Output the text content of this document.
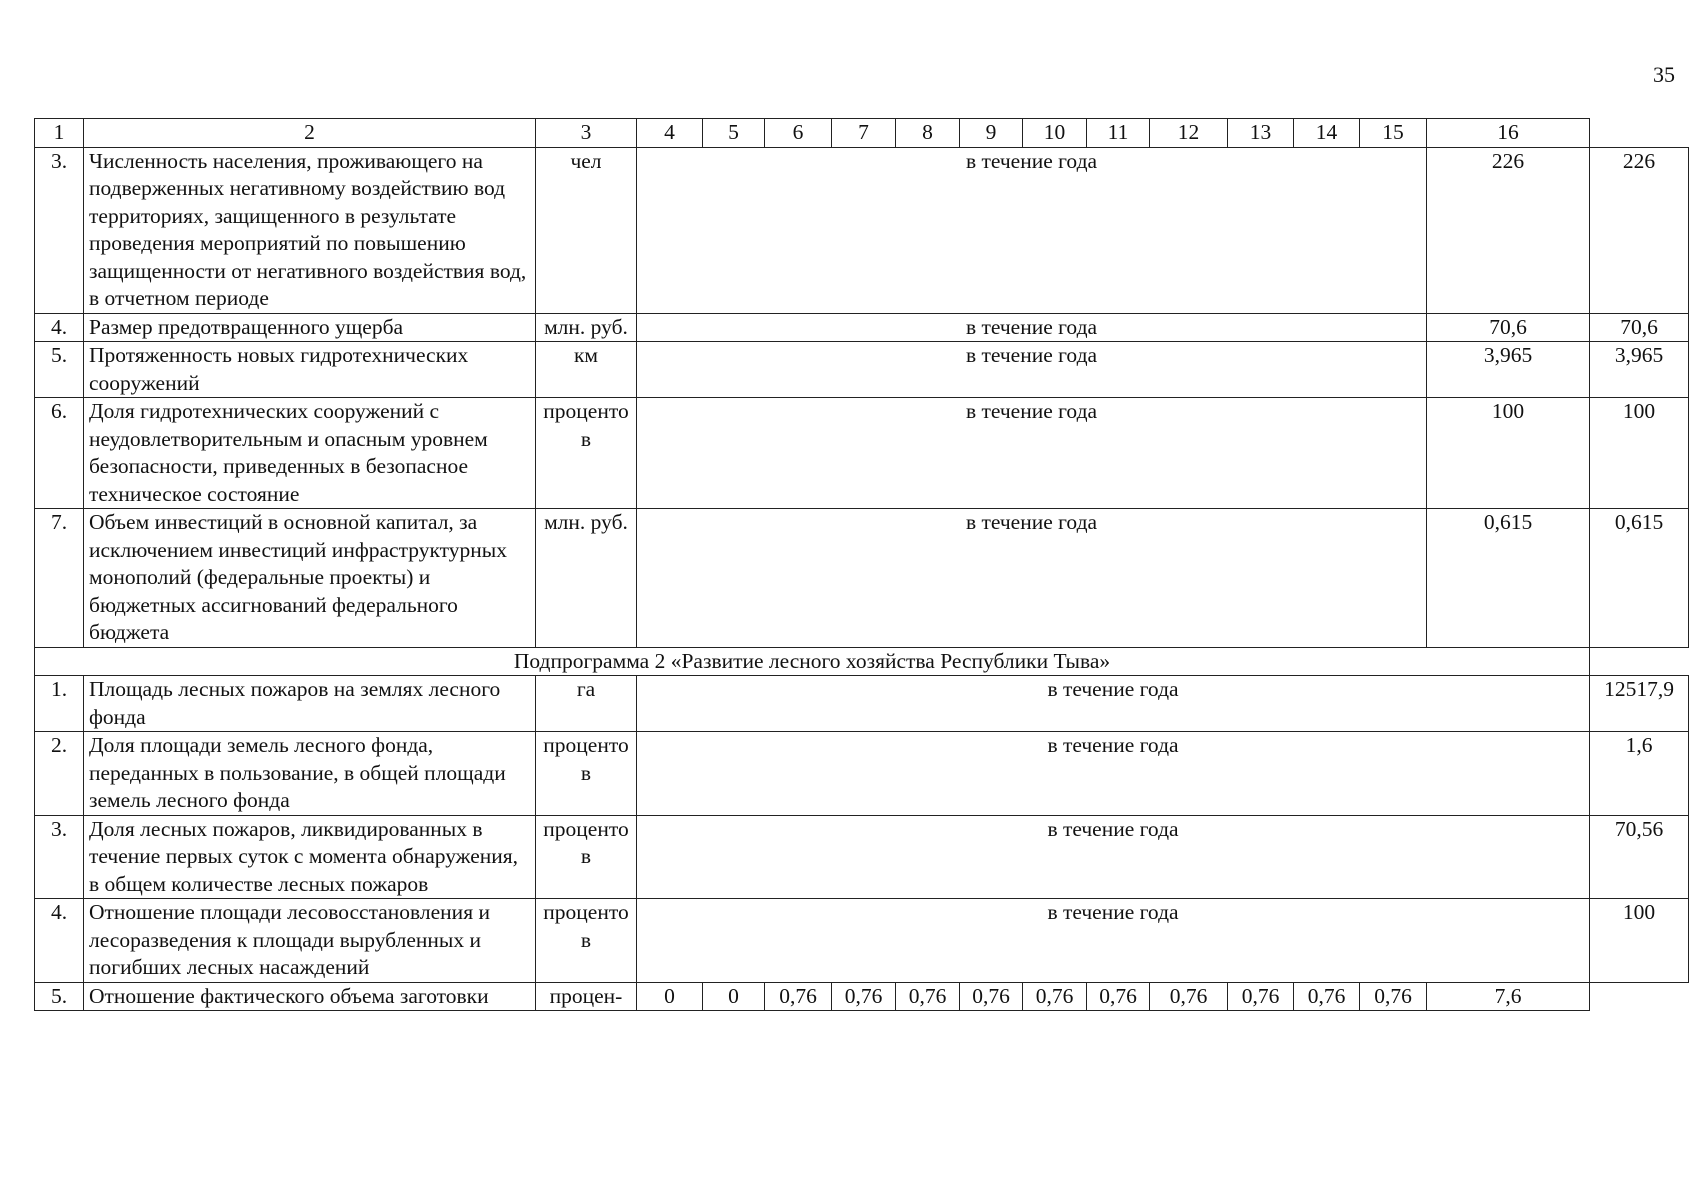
35
1	2	3	4	5	6	7	8	9	10	11	12	13	14	15	16	
3.	Численность населения, проживающего на подверженных негативному воздействию вод территориях, защищенного в результате проведения мероприятий по повышению защищенности от негативного воздействия вод, в отчетном периоде	чел	в течение года												226	226
4.	Размер предотвращенного ущерба	млн. руб.	в течение года												70,6	70,6
5.	Протяженность новых гидротехнических сооружений	км	в течение года												3,965	3,965
6.	Доля гидротехнических сооружений с неудовлетворительным и опасным уровнем безопасности, приведенных в безопасное техническое состояние	процентов	в течение года												100	100
7.	Объем инвестиций в основной капитал, за исключением инвестиций инфраструктурных монополий (федеральные проекты) и бюджетных ассигнований федерального бюджета	млн. руб.	в течение года												0,615	0,615
Подпрограмма 2 «Развитие лесного хозяйства Республики Тыва»																
1.	Площадь лесных пожаров на землях лесного фонда	га	в течение года													12517,9
2.	Доля площади земель лесного фонда, переданных в пользование, в общей площади земель лесного фонда	процентов	в течение года													1,6
3.	Доля лесных пожаров, ликвидированных в течение первых суток с момента обнаружения, в общем количестве лесных пожаров	процентов	в течение года													70,56
4.	Отношение площади лесовосстановления и лесоразведения к площади вырубленных и погибших лесных насаждений	процентов	в течение года													100
5.	Отношение фактического объема заготовки	процен-	0	0	0,76	0,76	0,76	0,76	0,76	0,76	0,76	0,76	0,76	0,76	7,6	
